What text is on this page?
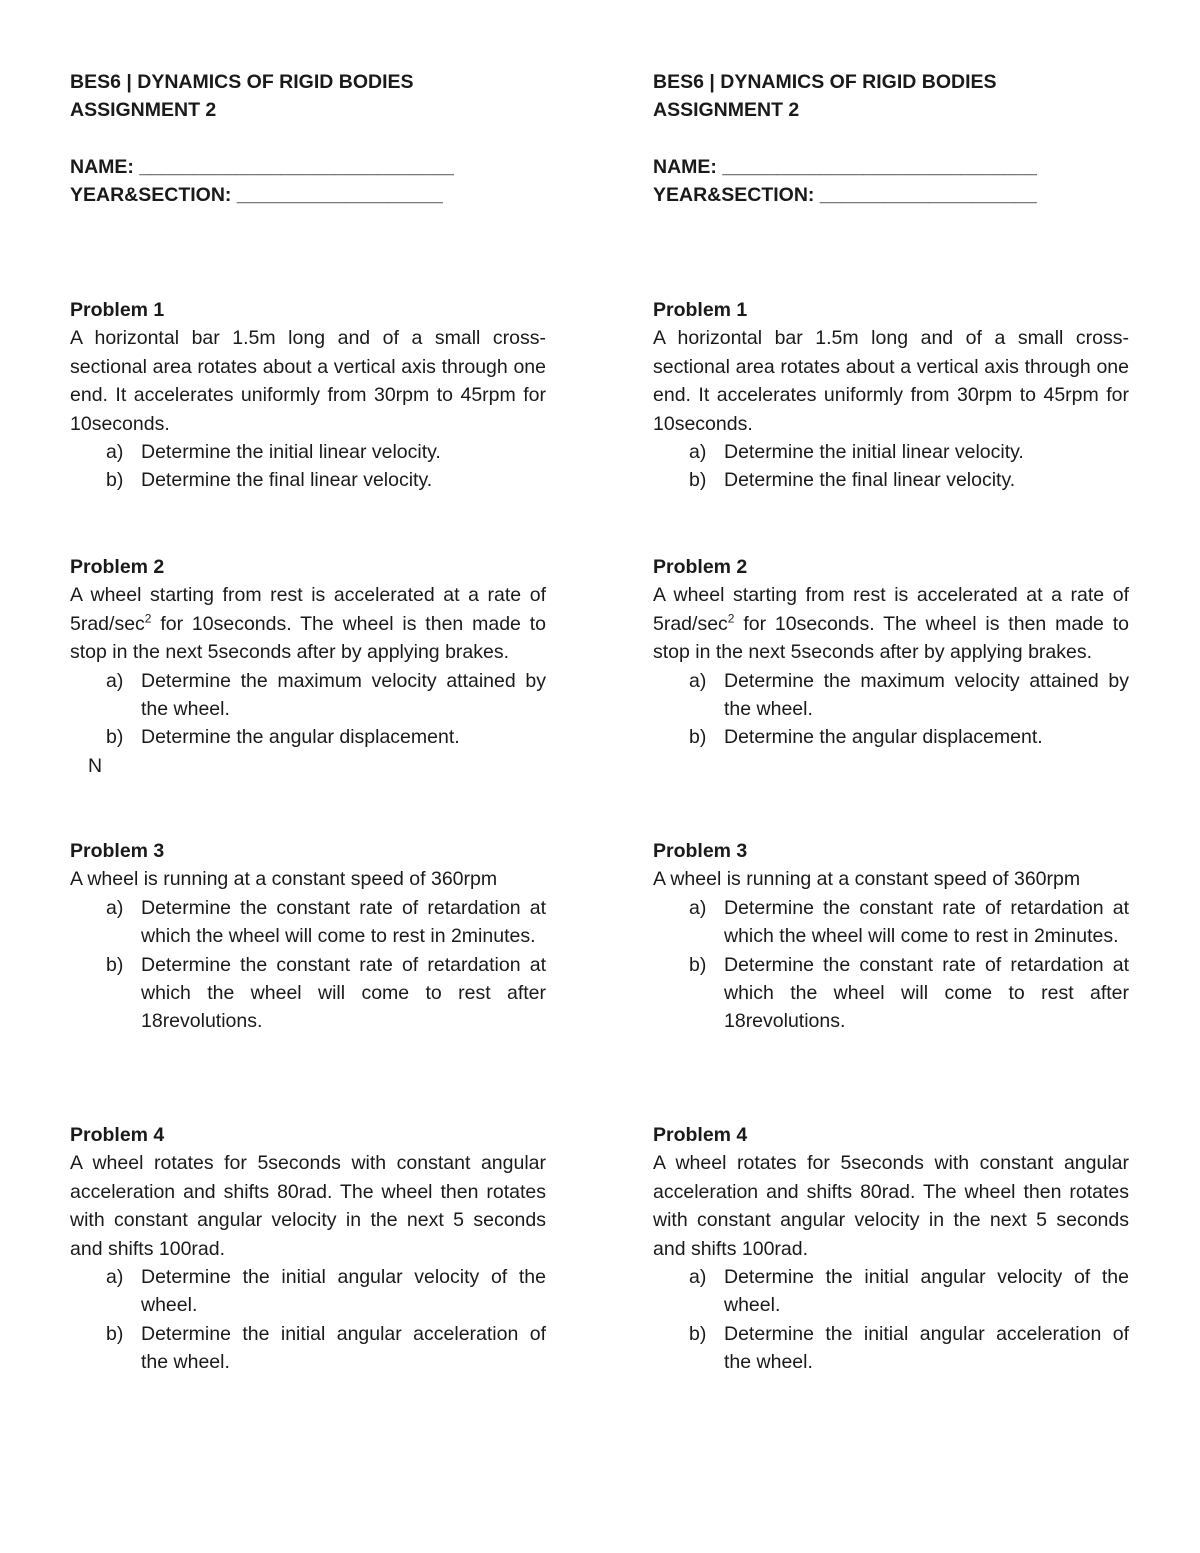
BES6 | DYNAMICS OF RIGID BODIES
ASSIGNMENT 2
NAME: _____________________________
YEAR&SECTION: ___________________
Problem 1

A horizontal bar 1.5m long and of a small cross-sectional area rotates about a vertical axis through one end. It accelerates uniformly from 30rpm to 45rpm for 10seconds.

a) Determine the initial linear velocity.
b) Determine the final linear velocity.
Problem 2

A wheel starting from rest is accelerated at a rate of $5rad/\sec^2$ for 10seconds. The wheel is then made to stop in the next 5seconds after by applying brakes.

a) Determine the maximum velocity attained by the wheel.
b) Determine the angular displacement.
N
Problem 3

A wheel is running at a constant speed of 360rpm

a) Determine the constant rate of retardation at which the wheel will come to rest in 2minutes.
b) Determine the constant rate of retardation at which the wheel will come to rest after 18revolutions.
Problem 4

A wheel rotates for 5seconds with constant angular acceleration and shifts 80rad. The wheel then rotates with constant angular velocity in the next 5 seconds and shifts 100rad.

a) Determine the initial angular velocity of the wheel.
b) Determine the initial angular acceleration of the wheel.
BES6 | DYNAMICS OF RIGID BODIES
ASSIGNMENT 2
NAME: _____________________________
YEAR&SECTION: ____________________
Problem 1

A horizontal bar 1.5m long and of a small cross-sectional area rotates about a vertical axis through one end. It accelerates uniformly from 30rpm to 45rpm for 10seconds.

a) Determine the initial linear velocity.
b) Determine the final linear velocity.
Problem 2

A wheel starting from rest is accelerated at a rate of $5rad/\sec^2$ for 10seconds. The wheel is then made to stop in the next 5seconds after by applying brakes.

a) Determine the maximum velocity attained by the wheel.
b) Determine the angular displacement.
Problem 3

A wheel is running at a constant speed of 360rpm

a) Determine the constant rate of retardation at which the wheel will come to rest in 2minutes.
b) Determine the constant rate of retardation at which the wheel will come to rest after 18revolutions.
Problem 4

A wheel rotates for 5seconds with constant angular acceleration and shifts 80rad. The wheel then rotates with constant angular velocity in the next 5 seconds and shifts 100rad.

a) Determine the initial angular velocity of the wheel.
b) Determine the initial angular acceleration of the wheel.
